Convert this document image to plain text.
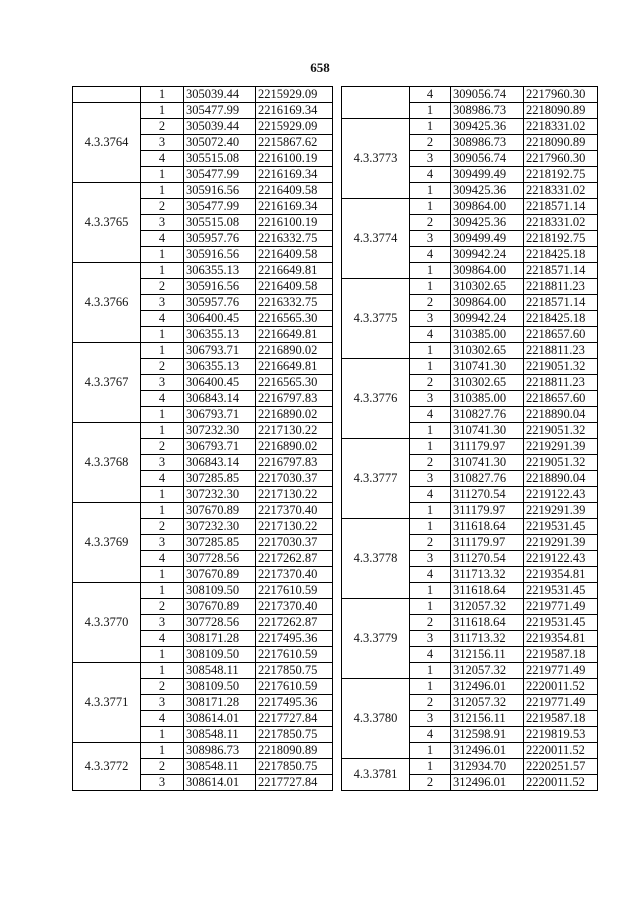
658
	1	305039.44	2215929.09
4.3.3764	1	305477.99	2216169.34
	2	305039.44	2215929.09
	3	305072.40	2215867.62
	4	305515.08	2216100.19
	1	305477.99	2216169.34
4.3.3765	1	305916.56	2216409.58
	2	305477.99	2216169.34
	3	305515.08	2216100.19
	4	305957.76	2216332.75
	1	305916.56	2216409.58
4.3.3766	1	306355.13	2216649.81
	2	305916.56	2216409.58
	3	305957.76	2216332.75
	4	306400.45	2216565.30
	1	306355.13	2216649.81
4.3.3767	1	306793.71	2216890.02
	2	306355.13	2216649.81
	3	306400.45	2216565.30
	4	306843.14	2216797.83
	1	306793.71	2216890.02
4.3.3768	1	307232.30	2217130.22
	2	306793.71	2216890.02
	3	306843.14	2216797.83
	4	307285.85	2217030.37
	1	307232.30	2217130.22
4.3.3769	1	307670.89	2217370.40
	2	307232.30	2217130.22
	3	307285.85	2217030.37
	4	307728.56	2217262.87
	1	307670.89	2217370.40
4.3.3770	1	308109.50	2217610.59
	2	307670.89	2217370.40
	3	307728.56	2217262.87
	4	308171.28	2217495.36
	1	308109.50	2217610.59
4.3.3771	1	308548.11	2217850.75
	2	308109.50	2217610.59
	3	308171.28	2217495.36
	4	308614.01	2217727.84
	1	308548.11	2217850.75
4.3.3772	1	308986.73	2218090.89
	2	308548.11	2217850.75
	3	308614.01	2217727.84
	4	309056.74	2217960.30
	1	308986.73	2218090.89
4.3.3773	1	309425.36	2218331.02
	2	308986.73	2218090.89
	3	309056.74	2217960.30
	4	309499.49	2218192.75
	1	309425.36	2218331.02
4.3.3774	1	309864.00	2218571.14
	2	309425.36	2218331.02
	3	309499.49	2218192.75
	4	309942.24	2218425.18
	1	309864.00	2218571.14
4.3.3775	1	310302.65	2218811.23
	2	309864.00	2218571.14
	3	309942.24	2218425.18
	4	310385.00	2218657.60
	1	310302.65	2218811.23
4.3.3776	1	310741.30	2219051.32
	2	310302.65	2218811.23
	3	310385.00	2218657.60
	4	310827.76	2218890.04
	1	310741.30	2219051.32
4.3.3777	1	311179.97	2219291.39
	2	310741.30	2219051.32
	3	310827.76	2218890.04
	4	311270.54	2219122.43
	1	311179.97	2219291.39
4.3.3778	1	311618.64	2219531.45
	2	311179.97	2219291.39
	3	311270.54	2219122.43
	4	311713.32	2219354.81
	1	311618.64	2219531.45
4.3.3779	1	312057.32	2219771.49
	2	311618.64	2219531.45
	3	311713.32	2219354.81
	4	312156.11	2219587.18
	1	312057.32	2219771.49
4.3.3780	1	312496.01	2220011.52
	2	312057.32	2219771.49
	3	312156.11	2219587.18
	4	312598.91	2219819.53
	1	312496.01	2220011.52
4.3.3781	1	312934.70	2220251.57
	2	312496.01	2220011.52
